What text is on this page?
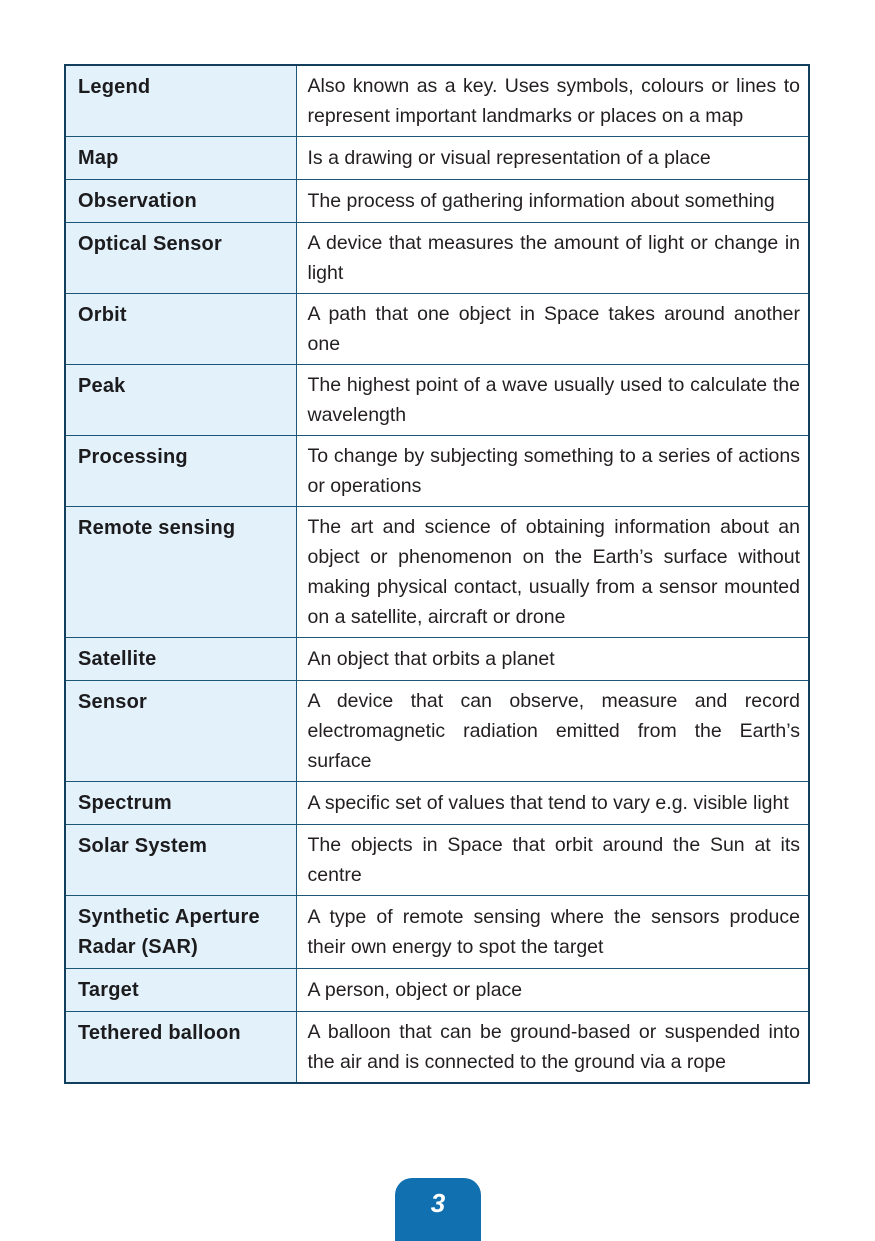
Legend	Also known as a key. Uses symbols, colours or lines to represent important landmarks or places on a map
Map	Is a drawing or visual representation of a place
Observation	The process of gathering information about something
Optical Sensor	A device that measures the amount of light or change in light
Orbit	A path that one object in Space takes around another one
Peak	The highest point of a wave usually used to calculate the wavelength
Processing	To change by subjecting something to a series of actions or operations
Remote sensing	The art and science of obtaining information about an object or phenomenon on the Earth’s surface without making physical contact, usually from a sensor mounted on a satellite, aircraft or drone
Satellite	An object that orbits a planet
Sensor	A device that can observe, measure and record electromagnetic radiation emitted from the Earth’s surface
Spectrum	A specific set of values that tend to vary e.g. visible light
Solar System	The objects in Space that orbit around the Sun at its centre
Synthetic Aperture Radar (SAR)	A type of remote sensing where the sensors produce their own energy to spot the target
Target	A person, object or place
Tethered balloon	A balloon that can be ground-based or suspended into the air and is connected to the ground via a rope
3
